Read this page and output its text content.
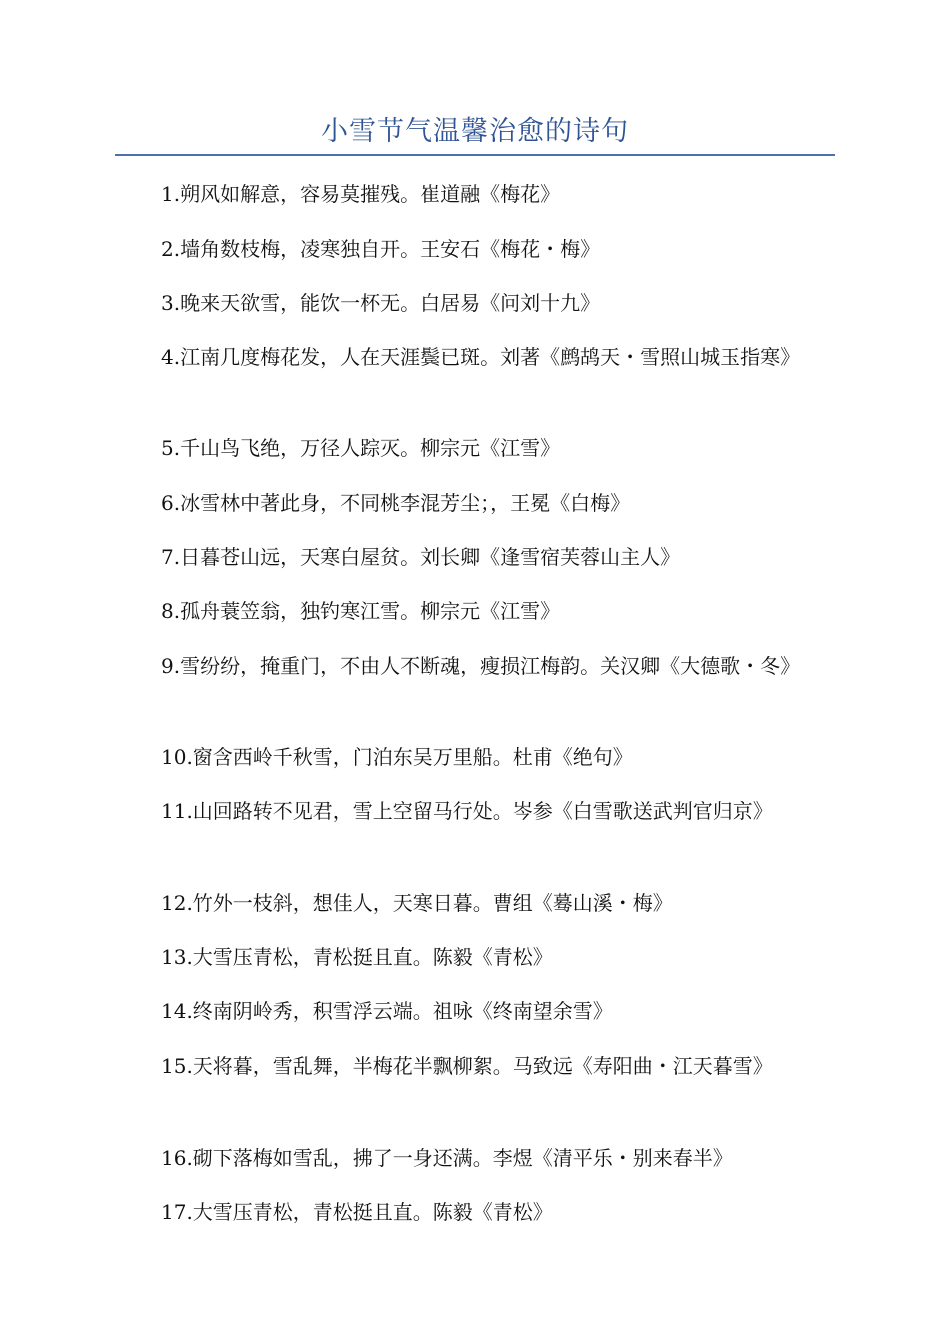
小雪节气温馨治愈的诗句

1.朔风如解意，容易莫摧残。崔道融《梅花》

2.墙角数枝梅，凌寒独自开。王安石《梅花・梅》

3.晚来天欲雪，能饮一杯无。白居易《问刘十九》

4.江南几度梅花发，人在天涯鬓已斑。刘著《鹧鸪天・雪照山城玉指寒》

5.千山鸟飞绝，万径人踪灭。柳宗元《江雪》

6.冰雪林中著此身，不同桃李混芳尘；，王冕《白梅》

7.日暮苍山远，天寒白屋贫。刘长卿《逢雪宿芙蓉山主人》

8.孤舟蓑笠翁，独钓寒江雪。柳宗元《江雪》

9.雪纷纷，掩重门，不由人不断魂，瘦损江梅韵。关汉卿《大德歌・冬》

10.窗含西岭千秋雪，门泊东吴万里船。杜甫《绝句》

11.山回路转不见君，雪上空留马行处。岑参《白雪歌送武判官归京》

12.竹外一枝斜，想佳人，天寒日暮。曹组《蓦山溪・梅》

13.大雪压青松，青松挺且直。陈毅《青松》

14.终南阴岭秀，积雪浮云端。祖咏《终南望余雪》

15.天将暮，雪乱舞，半梅花半飘柳絮。马致远《寿阳曲・江天暮雪》

16.砌下落梅如雪乱，拂了一身还满。李煜《清平乐・别来春半》

17.大雪压青松，青松挺且直。陈毅《青松》
